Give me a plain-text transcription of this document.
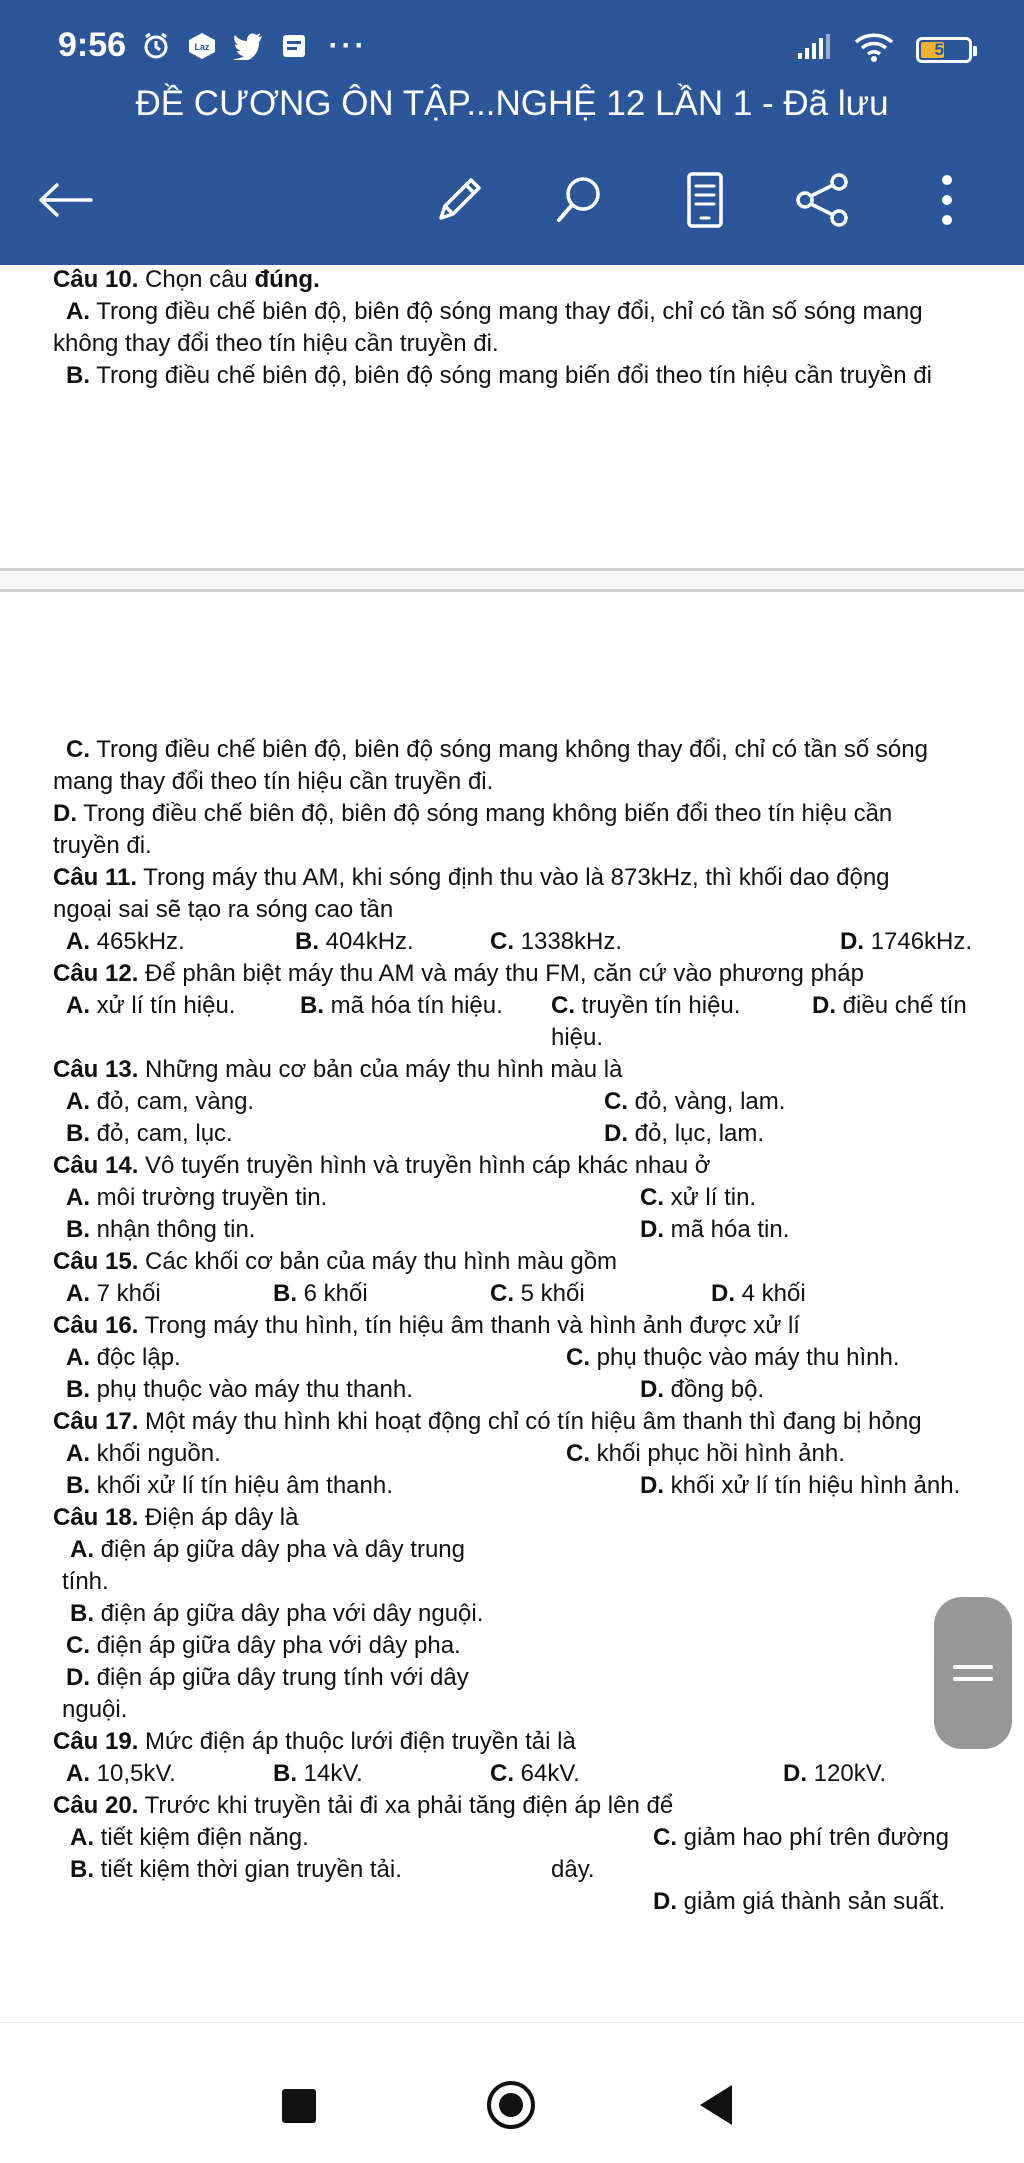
9:56	Laz	···	51
ĐỀ CƯƠNG ÔN TẬP...NGHỆ 12 LẦN 1 - Đã lưu
Câu 10. Chọn câu đúng.
A. Trong điều chế biên độ, biên độ sóng mang thay đổi, chỉ có tần số sóng mang
không thay đổi theo tín hiệu cần truyền đi.
B. Trong điều chế biên độ, biên độ sóng mang biến đổi theo tín hiệu cần truyền đi
C. Trong điều chế biên độ, biên độ sóng mang không thay đổi, chỉ có tần số sóng
mang thay đổi theo tín hiệu cần truyền đi.
D. Trong điều chế biên độ, biên độ sóng mang không biến đổi theo tín hiệu cần
truyền đi.
Câu 11. Trong máy thu AM, khi sóng định thu vào là 873kHz, thì khối dao động
ngoại sai sẽ tạo ra sóng cao tần
A. 465kHz.	B. 404kHz.	C. 1338kHz.	D. 1746kHz.
Câu 12. Để phân biệt máy thu AM và máy thu FM, căn cứ vào phương pháp
A. xử lí tín hiệu.	B. mã hóa tín hiệu. C. truyền tín hiệu.	D. điều chế tín
hiệu.
Câu 13. Những màu cơ bản của máy thu hình màu là
A. đỏ, cam, vàng.	C. đỏ, vàng, lam.
B. đỏ, cam, lục.	D. đỏ, lục, lam.
Câu 14. Vô tuyến truyền hình và truyền hình cáp khác nhau ở
A. môi trường truyền tin.	C. xử lí tin.
B. nhận thông tin.	D. mã hóa tin.
Câu 15. Các khối cơ bản của máy thu hình màu gồm
A. 7 khối	B. 6 khối	C. 5 khối	D. 4 khối
Câu 16. Trong máy thu hình, tín hiệu âm thanh và hình ảnh được xử lí
A. độc lập.	C. phụ thuộc vào máy thu hình.
B. phụ thuộc vào máy thu thanh.	D. đồng bộ.
Câu 17. Một máy thu hình khi hoạt động chỉ có tín hiệu âm thanh thì đang bị hỏng
A. khối nguồn.	C. khối phục hồi hình ảnh.
B. khối xử lí tín hiệu âm thanh.	D. khối xử lí tín hiệu hình ảnh.
Câu 18. Điện áp dây là
A. điện áp giữa dây pha và dây trung
tính.
B. điện áp giữa dây pha với dây nguội.
C. điện áp giữa dây pha với dây pha.
D. điện áp giữa dây trung tính với dây
nguội.
Câu 19. Mức điện áp thuộc lưới điện truyền tải là
A. 10,5kV.	B. 14kV.	C. 64kV.	D. 120kV.
Câu 20. Trước khi truyền tải đi xa phải tăng điện áp lên để
A. tiết kiệm điện năng.	C. giảm hao phí trên đường
B. tiết kiệm thời gian truyền tải.	dây.
D. giảm giá thành sản suất.
